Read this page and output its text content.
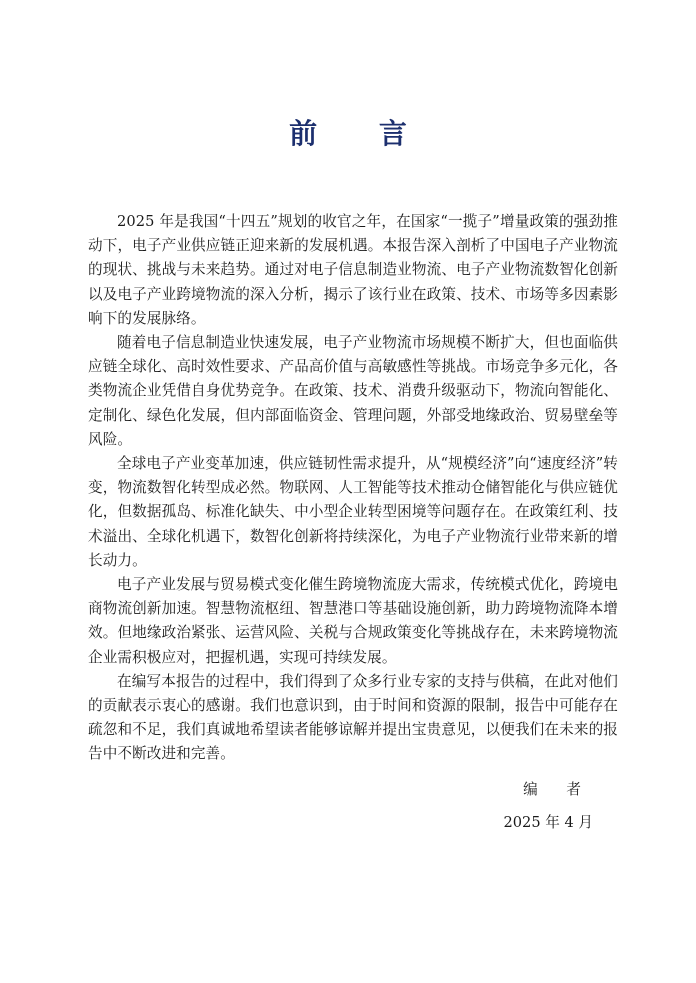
前 言

2025 年是我国“十四五”规划的收官之年，在国家“一揽子”增量政策的强劲推动下，电子产业供应链正迎来新的发展机遇。本报告深入剖析了中国电子产业物流的现状、挑战与未来趋势。通过对电子信息制造业物流、电子产业物流数智化创新以及电子产业跨境物流的深入分析，揭示了该行业在政策、技术、市场等多因素影响下的发展脉络。

随着电子信息制造业快速发展，电子产业物流市场规模不断扩大，但也面临供应链全球化、高时效性要求、产品高价值与高敏感性等挑战。市场竞争多元化，各类物流企业凭借自身优势竞争。在政策、技术、消费升级驱动下，物流向智能化、定制化、绿色化发展，但内部面临资金、管理问题，外部受地缘政治、贸易壁垒等风险。

全球电子产业变革加速，供应链韧性需求提升，从“规模经济”向“速度经济”转变，物流数智化转型成必然。物联网、人工智能等技术推动仓储智能化与供应链优化，但数据孤岛、标准化缺失、中小型企业转型困境等问题存在。在政策红利、技术溢出、全球化机遇下，数智化创新将持续深化，为电子产业物流行业带来新的增长动力。

电子产业发展与贸易模式变化催生跨境物流庞大需求，传统模式优化，跨境电商物流创新加速。智慧物流枢纽、智慧港口等基础设施创新，助力跨境物流降本增效。但地缘政治紧张、运营风险、关税与合规政策变化等挑战存在，未来跨境物流企业需积极应对，把握机遇，实现可持续发展。

在编写本报告的过程中，我们得到了众多行业专家的支持与供稿，在此对他们的贡献表示衷心的感谢。我们也意识到，由于时间和资源的限制，报告中可能存在疏忽和不足，我们真诚地希望读者能够谅解并提出宝贵意见，以便我们在未来的报告中不断改进和完善。

编 者
2025 年 4 月
